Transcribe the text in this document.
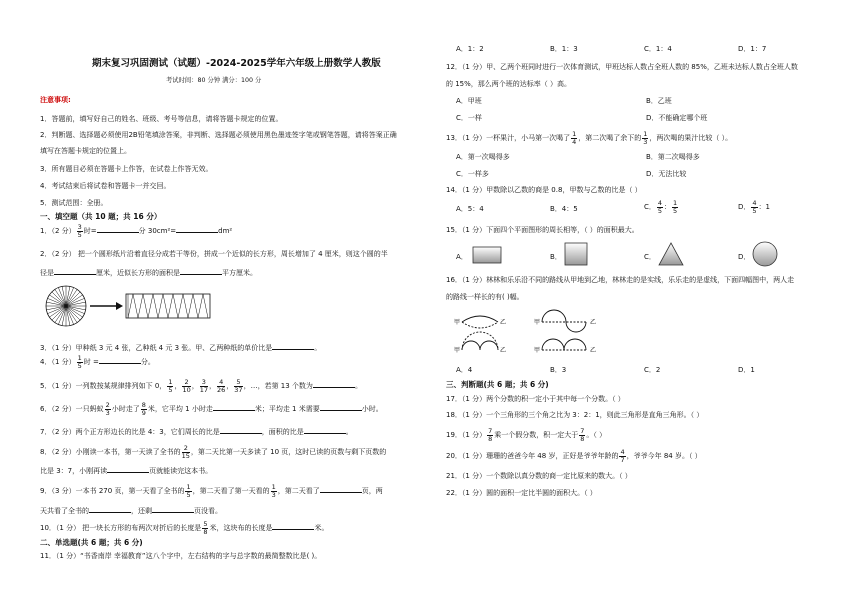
期末复习巩固测试（试题）-2024-2025学年六年级上册数学人教版
考试时间：80 分钟 满分：100 分
注意事项:
1．答题前，填写好自己的姓名、班级、考号等信息，请将答题卡规定的位置。
2．判断题、选择题必须使用2B铅笔填涂答案，非判断、选择题必须使用黑色墨迹签字笔或钢笔答题，请将答案正确
填写在答题卡规定的位置上。
3．所有题目必须在答题卡上作答，在试卷上作答无效。
4．考试结束后将试卷和答题卡一并交回。
5．测试范围：全册。
一、填空题（共 10 题；共 16 分）
1．（2 分） $\frac{3}{5}$ 时=	分 30cm²=	dm²
2．（2 分） 把一个圆形纸片沿着直径分成若干等份，拼成一个近似的长方形，周长增加了 4 厘米，则这个圆的半
径是	厘米，近似长方形的面积是	平方厘米。
3．（1 分）甲种纸 3 元 4 张，乙种纸 4 元 3 张。甲、乙两种纸的单价比是	。
4．（1 分） $\frac{1}{5}$ 时 =	分。
5．（1 分）一列数按某规律排列如下 0， $\frac{1}{5}$ ， $\frac{2}{10}$ ， $\frac{3}{17}$ ， $\frac{4}{26}$ ， $\frac{5}{37}$ ，…，若第 13 个数为	。
6．（2 分）一只蚂蚁 $\frac{2}{3}$ 小时走了 $\frac{8}{9}$ 米，它平均 1 小时走	米；平均走 1 米需要	小时。
7．（2 分）两个正方形边长的比是 4：3，它们周长的比是	，面积的比是	。
8．（2 分）小刚读一本书，第一天读了全书的 $\frac{2}{15}$ ，第二天比第一天多读了 10 页，这时已读的页数与剩下页数的
比是 3：7，小刚再读	页就能读完这本书。
9．（3 分）一本书 270 页，第一天看了全书的 $\frac{1}{5}$ ，第二天看了第一天看的 $\frac{1}{3}$ ，第二天看了	页，两
天共看了全书的	，还剩	页没看。
10．（1 分） 把一块长方形的布两次对折后的长度是 $\frac{5}{8}$ 米，这块布的长度是	米。
二、单选题(共 6 题；共 6 分)
11．（1 分）“书香南岸 幸福教育”这八个字中，左右结构的字与总字数的最简整数比是( )。
A．1：2	B．1：3	C．1：4	D．1：7
12．（1 分）甲、乙两个班同时进行一次体育测试，甲班达标人数占全班人数的 85%，乙班未达标人数占全班人数
的 15%，那么两个班的达标率（ ）高。
A．甲班	B．乙班
C．一样	D．不能确定哪个班
13．（1 分）一杯果汁，小马第一次喝了 $\frac{1}{4}$ ，第二次喝了余下的 $\frac{1}{3}$ ，两次喝的果汁比较（ ）。
A．第一次喝得多	B．第二次喝得多
C．一样多	D．无法比较
14．（1 分）甲数除以乙数的商是 0.8，甲数与乙数的比是（ ）
A．5：4	B．4：5	C． $\frac{4}{5}$ ： $\frac{1}{5}$	D． $\frac{4}{5}$ ：1
15．（1 分）下面四个平面图形的周长相等，（ ）的面积最大。
A．	B．	C．	D．
16．（1 分）林林和乐乐沿不同的路线从甲地到乙地，林林走的是实线，乐乐走的是虚线，下面四幅图中，两人走
的路线一样长的有( )幅。
甲	乙	甲	乙
甲	乙	甲	乙
A．4	B．3	C．2	D．1
三、判断题(共 6 题；共 6 分)
17．（1 分）两个分数的积一定小于其中每一个分数。（ ）
18．（1 分）一个三角形的三个角之比为 3：2：1，则此三角形是直角三角形。（ ）
19．（1 分） $\frac{7}{8}$ 乘一个假分数，积一定大于 $\frac{7}{8}$ 。（ ）
20．（1 分）珊珊的爸爸今年 48 岁，正好是爷爷年龄的 $\frac{4}{7}$ ，爷爷今年 84 岁。（ ）
21．（1 分）一个数除以真分数的商一定比原来的数大。（ ）
22．（1 分）圆的面积一定比半圆的面积大。（ ）
